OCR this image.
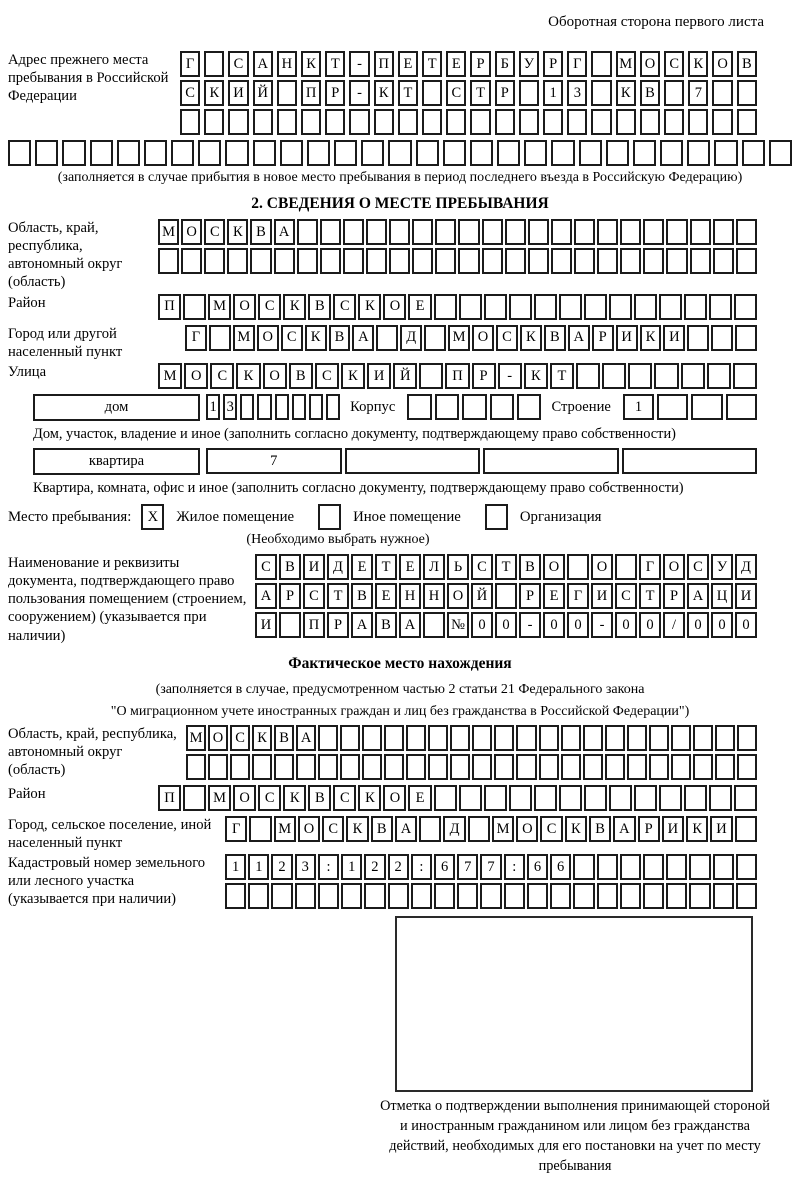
Оборотная сторона первого листа
Адрес прежнего места пребывания в Российской Федерации
Г	С А Н К	Т	-	П	Е	Т	Е	Р	Б	У	Р	Г	М О С	К О В
С	К И Й	П	Р	-	К	Т	С	Т	Р	1	3	К	В	7
(заполняется в случае прибытия в новое место пребывания в период последнего въезда в Российскую Федерацию)
2. СВЕДЕНИЯ О МЕСТЕ ПРЕБЫВАНИЯ
Область, край, республика, автономный округ (область)
М О С К В А
Район	П	М О	С	К	В	С	К	О	Е
Город или другой населенный пункт
Г	М О С К В А	Д	М О С К В А	Р	И К И
Улица	М О	С	К	О	В	С	К	И	Й	П	Р	-	К	Т
дом	1 3	Корпус	Строение	1
Дом, участок, владение и иное (заполнить согласно документу, подтверждающему право собственности)
квартира	7
Квартира, комната, офис и иное (заполнить согласно документу, подтверждающему право собственности)
Место пребывания:	X	Жилое помещение	Иное помещение	Организация
(Необходимо выбрать нужное)
Наименование и реквизиты документа, подтверждающего право пользования помещением (строением, сооружением) (указывается при наличии)
С В И Д	Е	Т	Е	Л	Ь	С	Т	В О	О	Г	О С У Д
А	Р	С	Т	В	Е Н Н О Й	Р	Е	Г	И С	Т	Р	А Ц И
И	П	Р	А В А	№ 0	0	-	0	0	-	0	0	/	0	0	0
Фактическое место нахождения
(заполняется в случае, предусмотренном частью 2 статьи 21 Федерального закона
"О миграционном учете иностранных граждан и лиц без гражданства в Российской Федерации")
Область, край, республика, автономный округ (область)
М О С К В А
Район	П	М О	С	К	В	С	К	О	Е
Город, сельское поселение, иной населенный пункт
Г	М О С	К	В А	Д	М О С	К	В А	Р	И К И
Кадастровый номер земельного или лесного участка (указывается при наличии)
1	1	2	3	:	1	2	2	:	6	7	7	:	6	6
Отметка о подтверждении выполнения принимающей стороной и иностранным гражданином или лицом без гражданства действий, необходимых для его постановки на учет по месту пребывания
